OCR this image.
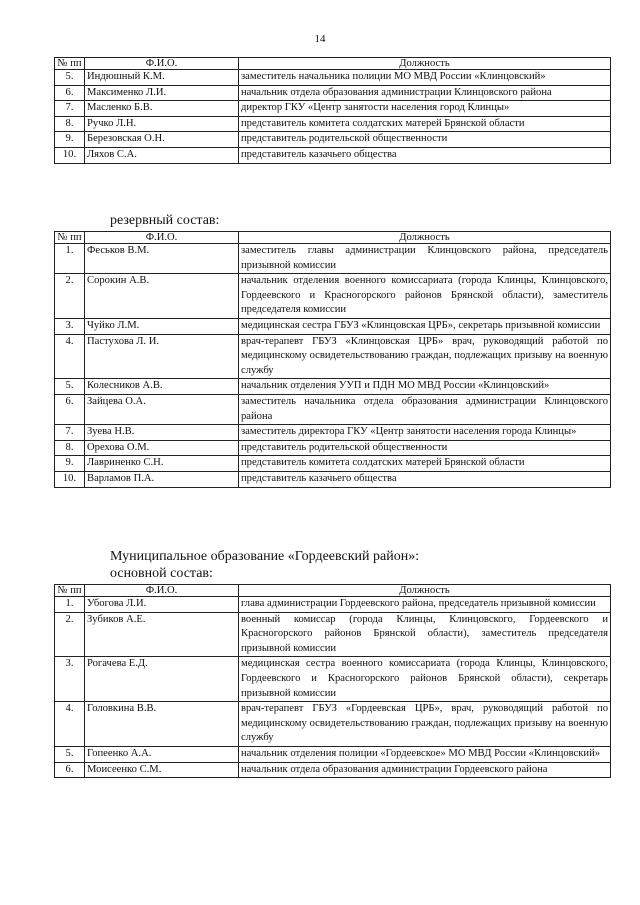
14
№ пп	Ф.И.О.	Должность
5.	Индюшный К.М.	заместитель начальника полиции МО МВД России «Клинцовский»
6.	Максименко Л.И.	начальник отдела образования администрации Клинцовского района
7.	Масленко Б.В.	директор ГКУ «Центр занятости населения город Клинцы»
8.	Ручко Л.Н.	представитель комитета солдатских матерей Брянской области
9.	Березовская О.Н.	представитель родительской общественности
10.	Ляхов С.А.	представитель казачьего общества
резервный состав:
№ пп	Ф.И.О.	Должность
1.	Феськов В.М.	заместитель главы администрации Клинцовского района, председатель призывной комиссии
2.	Сорокин А.В.	начальник отделения военного комиссариата (города Клинцы, Клинцовского, Гордеевского и Красногорского районов Брянской области), заместитель председателя комиссии
3.	Чуйко Л.М.	медицинская сестра ГБУЗ «Клинцовская ЦРБ», секретарь призывной комиссии
4.	Пастухова Л. И.	врач-терапевт ГБУЗ «Клинцовская ЦРБ» врач, руководящий работой по медицинскому освидетельствованию граждан, подлежащих призыву на военную службу
5.	Колесников А.В.	начальник отделения УУП и ПДН МО МВД России «Клинцовский»
6.	Зайцева О.А.	заместитель начальника отдела образования администрации Клинцовского района
7.	Зуева Н.В.	заместитель директора ГКУ «Центр занятости населения города Клинцы»
8.	Орехова О.М.	представитель родительской общественности
9.	Лавриненко С.Н.	представитель комитета солдатских матерей Брянской области
10.	Варламов П.А.	представитель казачьего общества
Муниципальное образование «Гордеевский район»:
основной состав:
№ пп	Ф.И.О.	Должность
1.	Убогова Л.И.	глава администрации Гордеевского района, председатель призывной комиссии
2.	Зубиков А.Е.	военный комиссар (города Клинцы, Клинцовского, Гордеевского и Красногорского районов Брянской области), заместитель председателя призывной комиссии
3.	Рогачева Е.Д.	медицинская сестра военного комиссариата (города Клинцы, Клинцовского, Гордеевского и Красногорского районов Брянской области), секретарь призывной комиссии
4.	Головкина В.В.	врач-терапевт ГБУЗ «Гордеевская ЦРБ», врач, руководящий работой по медицинскому освидетельствованию граждан, подлежащих призыву на военную службу
5.	Гопеенко А.А.	начальник отделения полиции «Гордеевское» МО МВД России «Клинцовский»
6.	Моисеенко С.М.	начальник отдела образования администрации Гордеевского района
